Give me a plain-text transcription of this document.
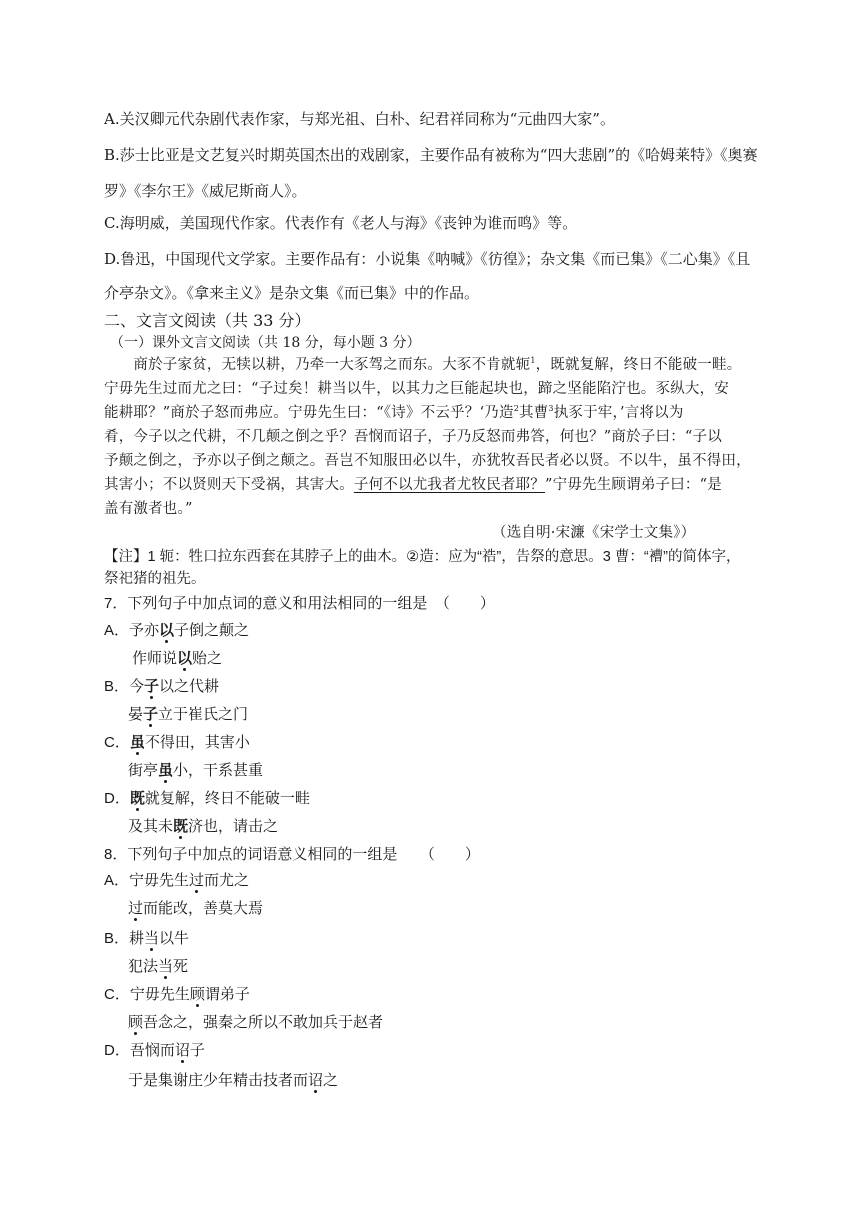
A.关汉卿元代杂剧代表作家，与郑光祖、白朴、纪君祥同称为“元曲四大家”。
B.莎士比亚是文艺复兴时期英国杰出的戏剧家，主要作品有被称为“四大悲剧”的《哈姆莱特》《奥赛
罗》《李尔王》《威尼斯商人》。
C.海明威，美国现代作家。代表作有《老人与海》《丧钟为谁而鸣》等。
D.鲁迅，中国现代文学家。主要作品有：小说集《呐喊》《彷徨》；杂文集《而已集》《二心集》《且
介亭杂文》。《拿来主义》是杂文集《而已集》中的作品。
二、文言文阅读（共 33 分）
（一）课外文言文阅读（共 18 分，每小题 3 分）
　　商於子家贫，无犊以耕，乃牵一大豕驾之而东。大豕不肯就轭$^1$，既就复解，终日不能破一畦。
宁毋先生过而尤之曰：“子过矣！耕当以牛，以其力之巨能起块也，蹄之坚能陷泞也。豕纵大，安
能耕耶？”商於子怒而弗应。宁毋先生曰：“《诗》不云乎？‘乃造$^2$其曹$^3$执豕于牢，’言将以为
肴，今子以之代耕，不几颠之倒之乎？吾悯而诏子，子乃反怒而弗答，何也？”商於子曰：“子以
予颠之倒之，予亦以子倒之颠之。吾岂不知服田必以牛，亦犹牧吾民者必以贤。不以牛，虽不得田，
其害小；不以贤则天下受祸，其害大。子何不以尤我者尤牧民者耶？”宁毋先生顾谓弟子曰：“是
盖有激者也。”
（选自明·宋濂《宋学士文集》）
【注】1 轭：牲口拉东西套在其脖子上的曲木。②造：应为“祰”，告祭的意思。3 曹：“褿”的简体字，
祭祀猪的祖先。
7．下列句子中加点词的意义和用法相同的一组是　（　　）
A．予亦以子倒之颠之
作师说以贻之
B．今子以之代耕
晏子立于崔氏之门
C．虽不得田，其害小
街亭虽小，干系甚重
D．既就复解，终日不能破一畦
及其未既济也，请击之
8．下列句子中加点的词语意义相同的一组是　　（　　）
A．宁毋先生过而尤之
过而能改，善莫大焉
B．耕当以牛
犯法当死
C．宁毋先生顾谓弟子
顾吾念之，强秦之所以不敢加兵于赵者
D．吾悯而诏子
于是集谢庄少年精击技者而诏之
